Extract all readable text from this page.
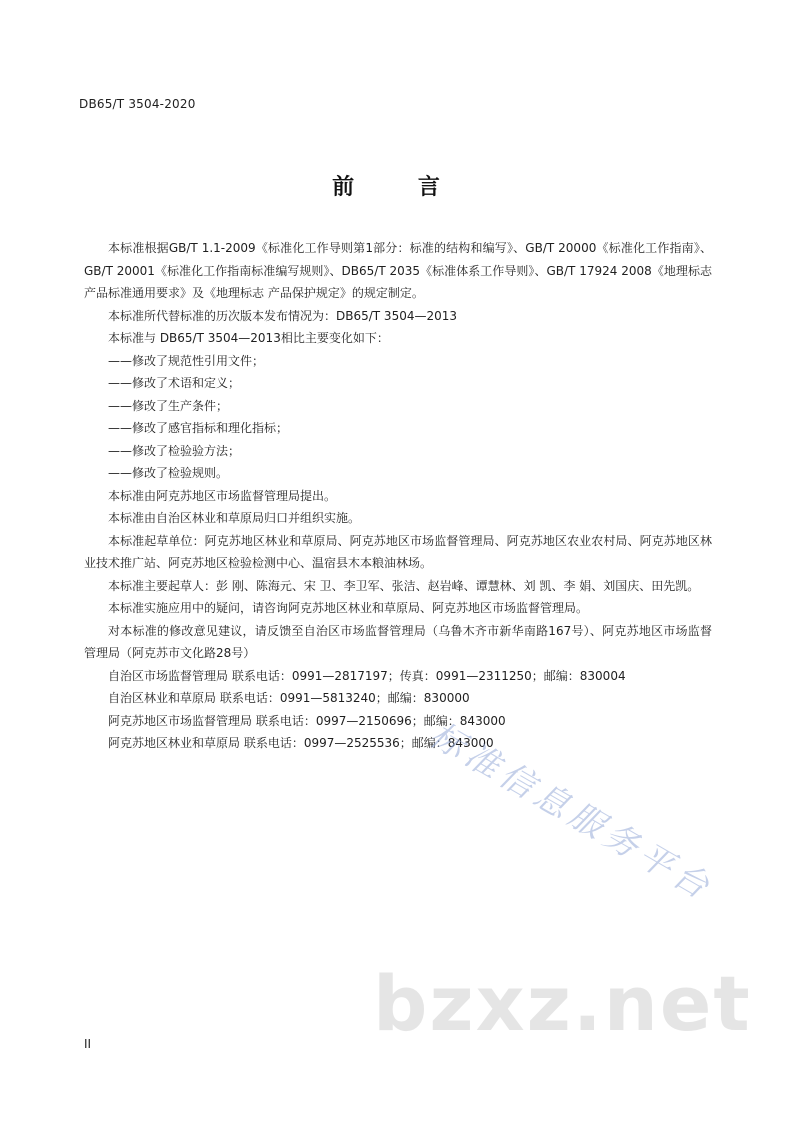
DB65/T 3504-2020
前 言

本标准根据GB/T 1.1-2009《标准化工作导则第1部分：标准的结构和编写》、GB/T 20000《标准化工作指南》、GB/T 20001《标准化工作指南标准编写规则》、DB65/T 2035《标准体系工作导则》、GB/T 17924 2008《地理标志产品标准通用要求》及《地理标志 产品保护规定》的规定制定。

本标准所代替标准的历次版本发布情况为：DB65/T 3504—2013

本标准与 DB65/T 3504—2013相比主要变化如下：

——修改了规范性引用文件；

——修改了术语和定义；

——修改了生产条件；

——修改了感官指标和理化指标；

——修改了检验验方法；

——修改了检验规则。

本标准由阿克苏地区市场监督管理局提出。

本标准由自治区林业和草原局归口并组织实施。

本标准起草单位：阿克苏地区林业和草原局、阿克苏地区市场监督管理局、阿克苏地区农业农村局、阿克苏地区林业技术推广站、阿克苏地区检验检测中心、温宿县木本粮油林场。

本标准主要起草人：彭 刚、陈海元、宋 卫、李卫军、张洁、赵岩峰、谭慧林、刘 凯、李 娟、刘国庆、田先凯。

本标准实施应用中的疑问，请咨询阿克苏地区林业和草原局、阿克苏地区市场监督管理局。

对本标准的修改意见建议，请反馈至自治区市场监督管理局（乌鲁木齐市新华南路167号）、阿克苏地区市场监督管理局（阿克苏市文化路28号）

自治区市场监督管理局 联系电话：0991—2817197；传真：0991—2311250；邮编：830004
自治区林业和草原局 联系电话：0991—5813240；邮编：830000
阿克苏地区市场监督管理局 联系电话：0997—2150696；邮编：843000
阿克苏地区林业和草原局 联系电话：0997—2525536；邮编：843000
标准信息服务平台
bzxz.net
II
